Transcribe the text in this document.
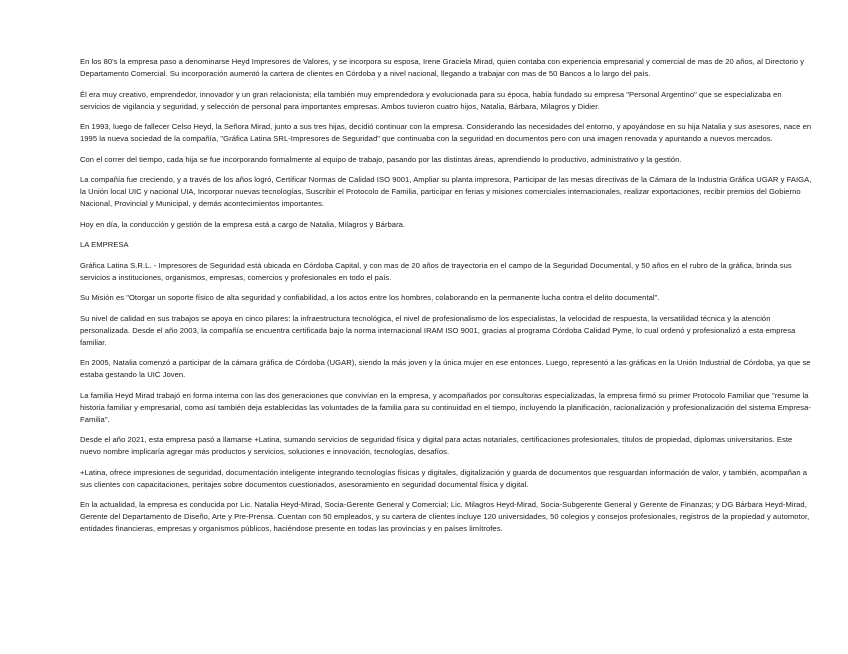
En los 80's la empresa paso a denominarse Heyd Impresores de Valores, y se incorpora su esposa, Irene Graciela Mirad, quien contaba con experiencia empresarial y comercial de mas de 20 años, al Directorio y Departamento Comercial. Su incorporación aumentó la cartera de clientes en Córdoba y a nivel nacional, llegando a trabajar con mas de 50 Bancos a lo largo del país.

Él era muy creativo, emprendedor, innovador y un gran relacionista; ella también muy emprendedora y evolucionada para su época, había fundado su empresa "Personal Argentino" que se especializaba en servicios de vigilancia y seguridad, y selección de personal para importantes empresas. Ambos tuvieron cuatro hijos, Natalia, Bárbara, Milagros y Didier.

En 1993, luego de fallecer Celso Heyd, la Señora Mirad, junto a sus tres hijas, decidió continuar con la empresa. Considerando las necesidades del entorno, y apoyándose en su hija Natalia y sus asesores, nace en 1995 la nueva sociedad de la compañía, "Gráfica Latina SRL-Impresores de Seguridad" que continuaba con la seguridad en documentos pero con una imagen renovada y apuntando a nuevos mercados.

Con el correr del tiempo, cada hija se fue incorporando formalmente al equipo de trabajo, pasando por las distintas áreas, aprendiendo lo productivo, administrativo y la gestión.

La compañía fue creciendo, y a través de los años logró, Certificar Normas de Calidad ISO 9001, Ampliar su planta impresora, Participar de las mesas directivas de la Cámara de la Industria Gráfica UGAR y FAIGA, la Unión local UIC y nacional UIA, Incorporar nuevas tecnologías, Suscribir el Protocolo de Familia, participar en ferias y misiones comerciales internacionales, realizar exportaciones, recibir premios del Gobierno Nacional, Provincial y Municipal, y demás acontecimientos importantes.

Hoy en día, la conducción y gestión de la empresa está a cargo de Natalia, Milagros y Bárbara.

LA EMPRESA

Gráfica Latina S.R.L. - Impresores de Seguridad está ubicada en Córdoba Capital, y con mas de 20 años de trayectoria en el campo de la Seguridad Documental, y 50 años en el rubro de la gráfica, brinda sus servicios a instituciones, organismos, empresas, comercios y profesionales en todo el país.

Su Misión es "Otorgar un soporte físico de alta seguridad y confiabilidad, a los actos entre los hombres, colaborando en la permanente lucha contra el delito documental".

Su nivel de calidad en sus trabajos se apoya en cinco pilares: la infraestructura tecnológica, el nivel de profesionalismo de los especialistas, la velocidad de respuesta, la versatilidad técnica y la atención personalizada. Desde el año 2003, la compañía se encuentra certificada bajo la norma internacional IRAM ISO 9001, gracias al programa Córdoba Calidad Pyme, lo cual ordenó y profesionalizó a esta empresa familiar.

En 2005, Natalia comenzó a participar de la cámara gráfica de Córdoba (UGAR), siendo la más joven y la única mujer en ese entonces. Luego, representó a las gráficas en la Unión Industrial de Córdoba, ya que se estaba gestando la UIC Joven.

La familia Heyd Mirad trabajó en forma interna con las dos generaciones que convivían en la empresa, y acompañados por consultoras especializadas, la empresa firmó su primer Protocolo Familiar que "resume la historia familiar y empresarial, como así también deja establecidas las voluntades de la familia para su continuidad en el tiempo, incluyendo la planificación, racionalización y profesionalización del sistema Empresa-Familia".

Desde el año 2021, esta empresa pasó a llamarse +Latina, sumando servicios de seguridad física y digital para actas notariales, certificaciones profesionales, títulos de propiedad, diplomas universitarios. Este nuevo nombre implicaría agregar más productos y servicios, soluciones e innovación, tecnologías, desafíos.

+Latina, ofrece impresiones de seguridad, documentación inteligente integrando tecnologías físicas y digitales, digitalización y guarda de documentos que resguardan información de valor, y también, acompañan a sus clientes con capacitaciones, peritajes sobre documentos cuestionados, asesoramiento en seguridad documental física y digital.

En la actualidad, la empresa es conducida por Lic. Natalia Heyd-Mirad, Socia-Gerente General y Comercial; Lic. Milagros Heyd-Mirad, Socia-Subgerente General y Gerente de Finanzas; y DG Bárbara Heyd-Mirad, Gerente del Departamento de Diseño, Arte y Pre-Prensa. Cuentan con 50 empleados, y su cartera de clientes incluye 120 universidades, 50 colegios y consejos profesionales, registros de la propiedad y automotor, entidades financieras, empresas y organismos públicos, haciéndose presente en todas las provincias y en países limítrofes.
